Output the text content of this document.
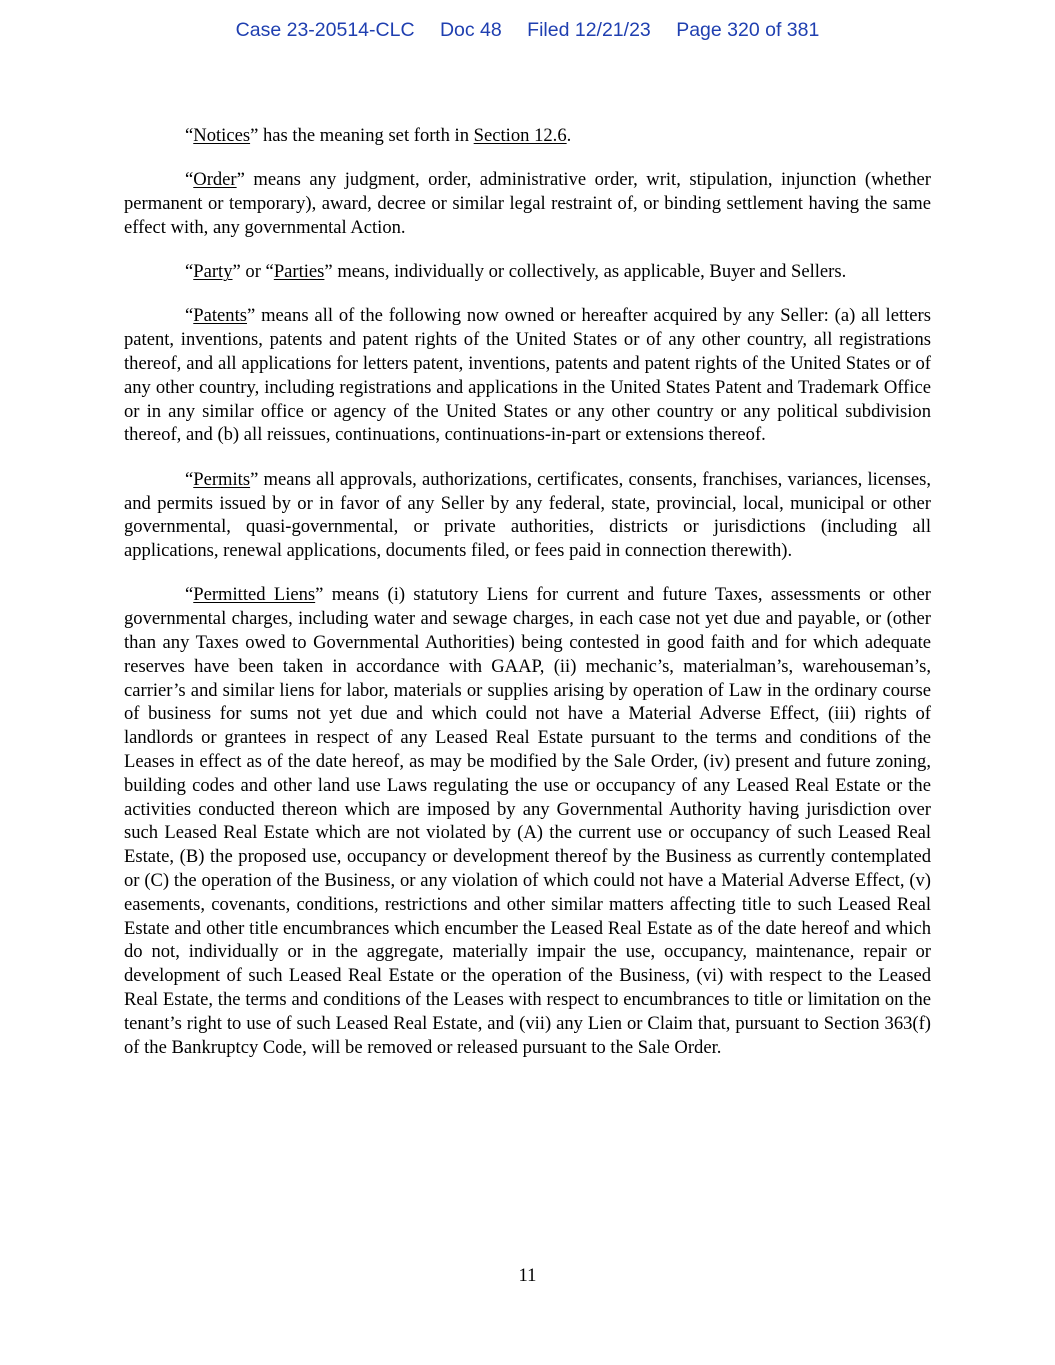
Case 23-20514-CLC Doc 48 Filed 12/21/23 Page 320 of 381

“Notices” has the meaning set forth in Section 12.6.

“Order” means any judgment, order, administrative order, writ, stipulation, injunction (whether permanent or temporary), award, decree or similar legal restraint of, or binding settlement having the same effect with, any governmental Action.

“Party” or “Parties” means, individually or collectively, as applicable, Buyer and Sellers.

“Patents” means all of the following now owned or hereafter acquired by any Seller: (a) all letters patent, inventions, patents and patent rights of the United States or of any other country, all registrations thereof, and all applications for letters patent, inventions, patents and patent rights of the United States or of any other country, including registrations and applications in the United States Patent and Trademark Office or in any similar office or agency of the United States or any other country or any political subdivision thereof, and (b) all reissues, continuations, continuations-in-part or extensions thereof.

“Permits” means all approvals, authorizations, certificates, consents, franchises, variances, licenses, and permits issued by or in favor of any Seller by any federal, state, provincial, local, municipal or other governmental, quasi-governmental, or private authorities, districts or jurisdictions (including all applications, renewal applications, documents filed, or fees paid in connection therewith).

“Permitted Liens” means (i) statutory Liens for current and future Taxes, assessments or other governmental charges, including water and sewage charges, in each case not yet due and payable, or (other than any Taxes owed to Governmental Authorities) being contested in good faith and for which adequate reserves have been taken in accordance with GAAP, (ii) mechanic’s, materialman’s, warehouseman’s, carrier’s and similar liens for labor, materials or supplies arising by operation of Law in the ordinary course of business for sums not yet due and which could not have a Material Adverse Effect, (iii) rights of landlords or grantees in respect of any Leased Real Estate pursuant to the terms and conditions of the Leases in effect as of the date hereof, as may be modified by the Sale Order, (iv) present and future zoning, building codes and other land use Laws regulating the use or occupancy of any Leased Real Estate or the activities conducted thereon which are imposed by any Governmental Authority having jurisdiction over such Leased Real Estate which are not violated by (A) the current use or occupancy of such Leased Real Estate, (B) the proposed use, occupancy or development thereof by the Business as currently contemplated or (C) the operation of the Business, or any violation of which could not have a Material Adverse Effect, (v) easements, covenants, conditions, restrictions and other similar matters affecting title to such Leased Real Estate and other title encumbrances which encumber the Leased Real Estate as of the date hereof and which do not, individually or in the aggregate, materially impair the use, occupancy, maintenance, repair or development of such Leased Real Estate or the operation of the Business, (vi) with respect to the Leased Real Estate, the terms and conditions of the Leases with respect to encumbrances to title or limitation on the tenant’s right to use of such Leased Real Estate, and (vii) any Lien or Claim that, pursuant to Section 363(f) of the Bankruptcy Code, will be removed or released pursuant to the Sale Order.

11
